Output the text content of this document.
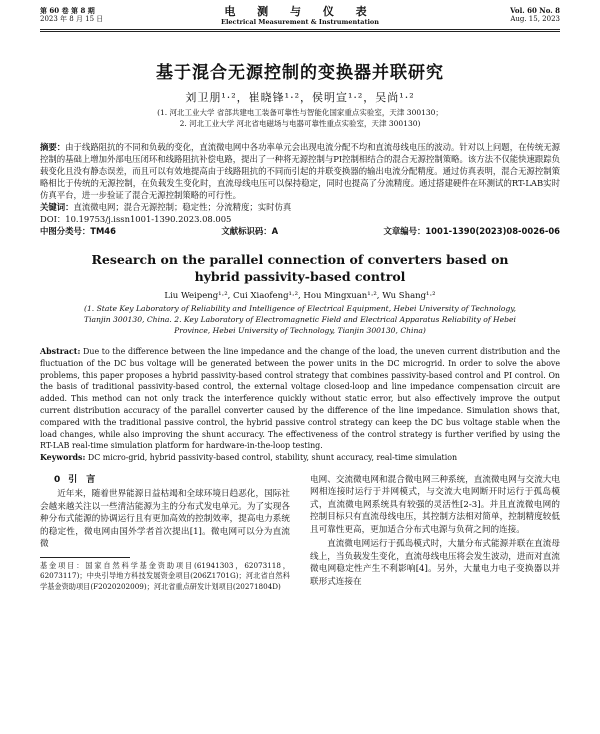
第 60 卷 第 8 期
2023 年 8 月 15 日
电 测 与 仪 表
Electrical Measurement & Instrumentation
Vol. 60 No. 8
Aug. 15, 2023
基于混合无源控制的变换器并联研究
刘卫朋¹·²，崔晓锋¹·²，侯明宣¹·²，吴尚¹·²
(1. 河北工业大学 省部共建电工装备可靠性与智能化国家重点实验室，天津 300130；
2. 河北工业大学 河北省电磁场与电器可靠性重点实验室，天津 300130)
摘要：由于线路阻抗的不同和负载的变化，直流微电网中各功率单元会出现电流分配不均和直流母线电压的波动。针对以上问题，在传统无源控制的基础上增加外部电压闭环和线路阻抗补偿电路，提出了一种将无源控制与PI控制相结合的混合无源控制策略。该方法不仅能快速跟踪负载变化且没有静态误差，而且可以有效地提高由于线路阻抗的不同而引起的并联变换器的输出电流分配精度。通过仿真表明，混合无源控制策略相比于传统的无源控制，在负载发生变化时，直流母线电压可以保持稳定，同时也提高了分流精度。通过搭建硬件在环测试的RT-LAB实时仿真平台，进一步验证了混合无源控制策略的可行性。
关键词：直流微电网；混合无源控制；稳定性；分流精度；实时仿真
DOI：10.19753/j.issn1001-1390.2023.08.005
中图分类号：TM46	文献标识码：A	文章编号：1001-1390(2023)08-0026-06
Research on the parallel connection of converters based on
hybrid passivity-based control
Liu Weipeng¹·², Cui Xiaofeng¹·², Hou Mingxuan¹·², Wu Shang¹·²
(1. State Key Laboratory of Reliability and Intelligence of Electrical Equipment, Hebei University of Technology, Tianjin 300130, China. 2. Key Laboratory of Electromagnetic Field and Electrical Apparatus Reliability of Hebei Province, Hebei University of Technology, Tianjin 300130, China)
Abstract: Due to the difference between the line impedance and the change of the load, the uneven current distribution and the fluctuation of the DC bus voltage will be generated between the power units in the DC microgrid. In order to solve the above problems, this paper proposes a hybrid passivity-based control strategy that combines passivity-based control and PI control. On the basis of traditional passivity-based control, the external voltage closed-loop and line impedance compensation circuit are added. This method can not only track the interference quickly without static error, but also effectively improve the output current distribution accuracy of the parallel converter caused by the difference of the line impedance. Simulation shows that, compared with the traditional passive control, the hybrid passive control strategy can keep the DC bus voltage stable when the load changes, while also improving the shunt accuracy. The effectiveness of the control strategy is further verified by using the RT-LAB real-time simulation platform for hardware-in-the-loop testing.
Keywords: DC micro-grid, hybrid passivity-based control, stability, shunt accuracy, real-time simulation
0 引　言

近年来，随着世界能源日益枯竭和全球环境日趋恶化，国际社会越来越关注以一些清洁能源为主的分布式发电单元。为了实现各种分布式能源的协调运行且有更加高效的控制效率，提高电力系统的稳定性，微电网由国外学者首次提出[1]。微电网可以分为直流微

基金项目：国家自然科学基金资助项目(61941303，62073118，62073117)；中央引导地方科技发展资金项目(206Z1701G)；河北省自然科学基金资助项目(F2020202009)；河北省重点研发计划项目(20271804D)

电网、交流微电网和混合微电网三种系统，直流微电网与交流大电网相连接时运行于并网模式，与交流大电网断开时运行于孤岛模式，直流微电网系统具有较强的灵活性[2-3]。并且直流微电网的控制目标只有直流母线电压，其控制方法相对简单，控制精度较低且可靠性更高，更加适合分布式电源与负荷之间的连接。

直流微电网运行于孤岛模式时，大量分布式能源并联在直流母线上，当负载发生变化，直流母线电压将会发生波动，进而对直流微电网稳定性产生不利影响[4]。另外，大量电力电子变换器以并联形式连接在
